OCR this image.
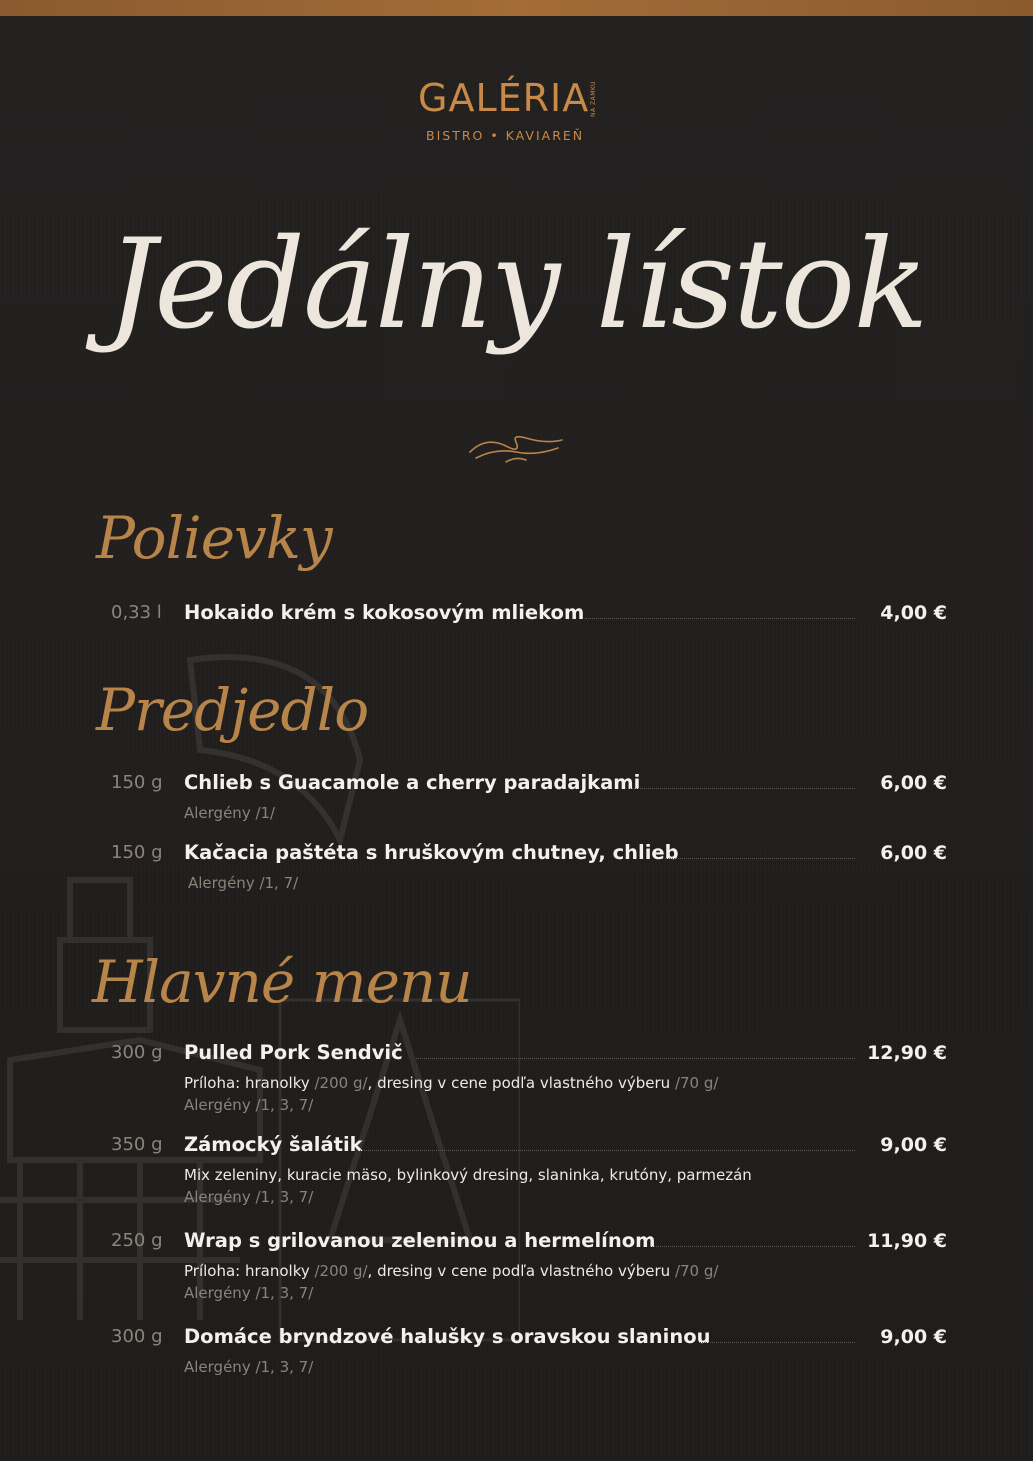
GALÉRIA NA ZÁMKU
BISTRO • KAVIAREŇ
Jedálny lístok
Polievky
0,33 l	Hokaido krém s kokosovým mliekom	4,00 €
Predjedlo
150 g	Chlieb s Guacamole a cherry paradajkami	6,00 €
Alergény /1/
150 g	Kačacia paštéta s hruškovým chutney, chlieb	6,00 €
Alergény /1, 7/
Hlavné menu
300 g	Pulled Pork Sendvič	12,90 €
Príloha: hranolky /200 g/, dresing v cene podľa vlastného výberu /70 g/
Alergény /1, 3, 7/
350 g	Zámocký šalátik	9,00 €
Mix zeleniny, kuracie mäso, bylinkový dresing, slaninka, krutóny, parmezán
Alergény /1, 3, 7/
250 g	Wrap s grilovanou zeleninou a hermelínom	11,90 €
Príloha: hranolky /200 g/, dresing v cene podľa vlastného výberu /70 g/
Alergény /1, 3, 7/
300 g	Domáce bryndzové halušky s oravskou slaninou	9,00 €
Alergény /1, 3, 7/
